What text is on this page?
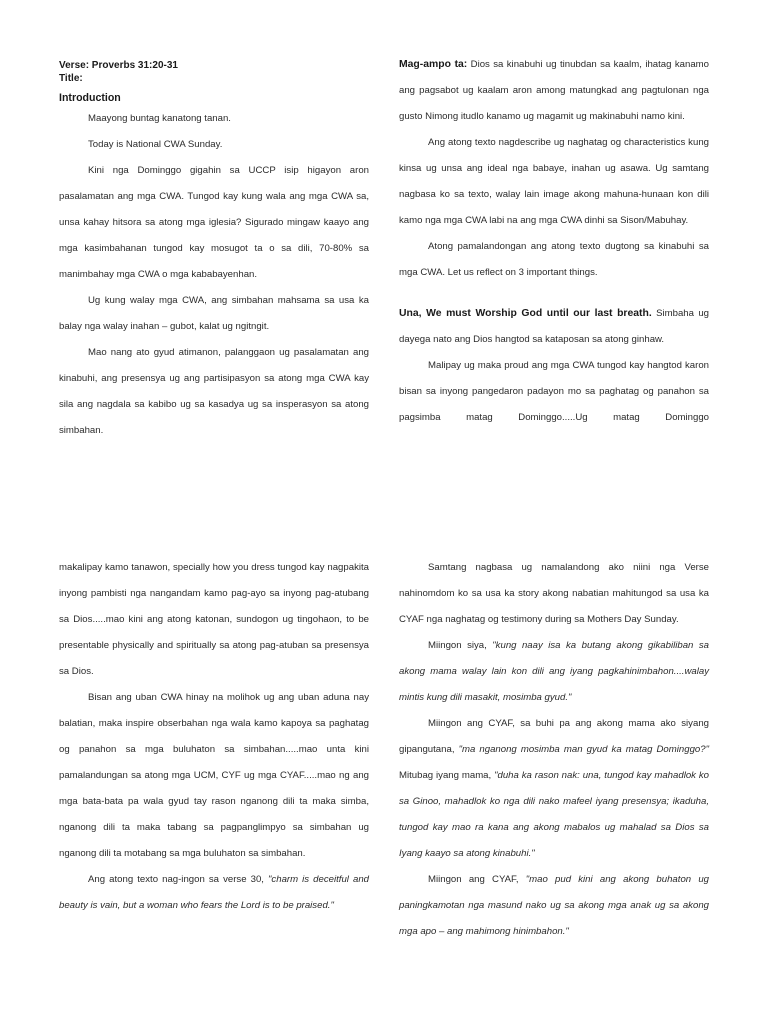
Verse: Proverbs 31:20-31
Title:
Introduction

Maayong buntag kanatong tanan.

Today is National CWA Sunday.

Kini nga Dominggo gigahin sa UCCP isip higayon aron pasalamatan ang mga CWA. Tungod kay kung wala ang mga CWA sa, unsa kahay hitsora sa atong mga iglesia? Sigurado mingaw kaayo ang mga kasimbahanan tungod kay mosugot ta o sa dili, 70-80% sa manimbahay mga CWA o mga kababayenhan.

Ug kung walay mga CWA, ang simbahan mahsama sa usa ka balay nga walay inahan – gubot, kalat ug ngitngit.

Mao nang ato gyud atimanon, palanggaon ug pasalamatan ang kinabuhi, ang presensya ug ang partisipasyon sa atong mga CWA kay sila ang nagdala sa kabibo ug sa kasadya ug sa insperasyon sa atong simbahan.

Mag-ampo ta: Dios sa kinabuhi ug tinubdan sa kaalm, ihatag kanamo ang pagsabot ug kaalam aron among matungkad ang pagtulonan nga gusto Nimong itudlo kanamo ug magamit ug makinabuhi namo kini.

Ang atong texto nagdescribe ug naghatag og characteristics kung kinsa ug unsa ang ideal nga babaye, inahan ug asawa. Ug samtang nagbasa ko sa texto, walay lain image akong mahuna-hunaan kon dili kamo nga mga CWA labi na ang mga CWA dinhi sa Sison/Mabuhay.

Atong pamalandongan ang atong texto dugtong sa kinabuhi sa mga CWA. Let us reflect on 3 important things.

Una, We must Worship God until our last breath. Simbaha ug dayega nato ang Dios hangtod sa kataposan sa atong ginhaw.

Malipay ug maka proud ang mga CWA tungod kay hangtod karon bisan sa inyong pangedaron padayon mo sa paghatag og panahon sa pagsimba matag Dominggo.....Ug matag Dominggo

makalipay kamo tanawon, specially how you dress tungod kay nagpakita inyong pambisti nga nangandam kamo pag-ayo sa inyong pag-atubang sa Dios.....mao kini ang atong katonan, sundogon ug tingohaon, to be presentable physically and spiritually sa atong pag-atuban sa presensya sa Dios.

Bisan ang uban CWA hinay na molihok ug ang uban aduna nay balatian, maka inspire obserbahan nga wala kamo kapoya sa paghatag og panahon sa mga buluhaton sa simbahan.....mao unta kini pamalandungan sa atong mga UCM, CYF ug mga CYAF.....mao ng ang mga bata-bata pa wala gyud tay rason nganong dili ta maka simba, nganong dili ta maka tabang sa pagpanglimpyo sa simbahan ug nganong dili ta motabang sa mga buluhaton sa simbahan.

Ang atong texto nag-ingon sa verse 30, "charm is deceitful and beauty is vain, but a woman who fears the Lord is to be praised."

Samtang nagbasa ug namalandong ako niini nga Verse nahinomdom ko sa usa ka story akong nabatian mahitungod sa usa ka CYAF nga naghatag og testimony during sa Mothers Day Sunday.

Miingon siya, "kung naay isa ka butang akong gikabiliban sa akong mama walay lain kon dili ang iyang pagkahinimbahon....walay mintis kung dili masakit, mosimba gyud."

Miingon ang CYAF, sa buhi pa ang akong mama ako siyang gipangutana, "ma nganong mosimba man gyud ka matag Dominggo?" Mitubag iyang mama, "duha ka rason nak: una, tungod kay mahadlok ko sa Ginoo, mahadlok ko nga dili nako mafeel iyang presensya; ikaduha, tungod kay mao ra kana ang akong mabalos ug mahalad sa Dios sa Iyang kaayo sa atong kinabuhi."

Miingon ang CYAF, "mao pud kini ang akong buhaton ug paningkamotan nga masund nako ug sa akong mga anak ug sa akong mga apo – ang mahimong hinimbahon."
